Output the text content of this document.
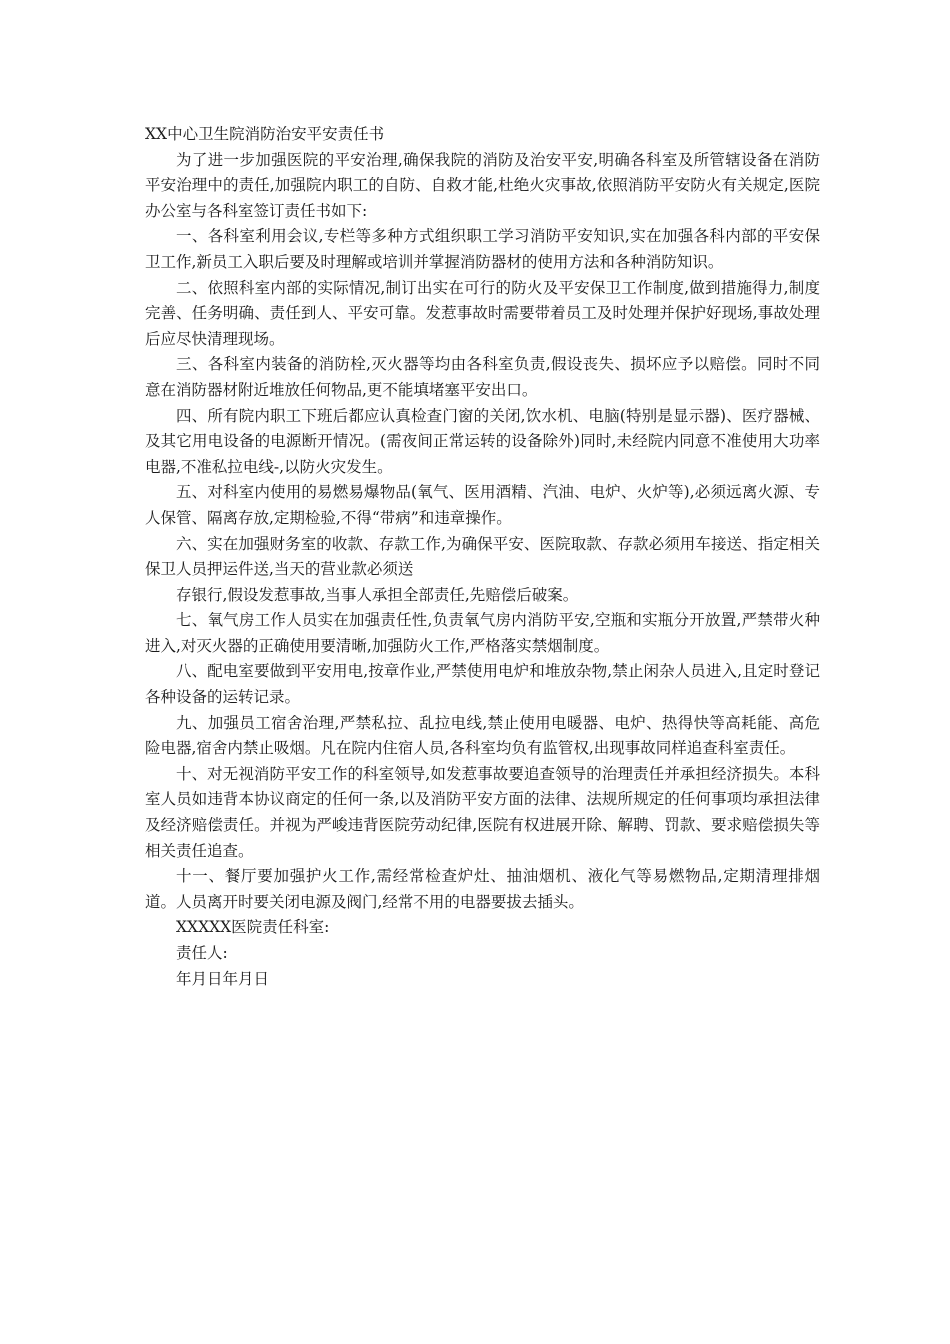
XX中心卫生院消防治安平安责任书

为了进一步加强医院的平安治理,确保我院的消防及治安平安,明确各科室及所管辖设备在消防平安治理中的责任,加强院内职工的自防、自救才能,杜绝火灾事故,依照消防平安防火有关规定,医院办公室与各科室签订责任书如下:

一、各科室利用会议,专栏等多种方式组织职工学习消防平安知识,实在加强各科内部的平安保卫工作,新员工入职后要及时理解或培训并掌握消防器材的使用方法和各种消防知识。

二、依照科室内部的实际情况,制订出实在可行的防火及平安保卫工作制度,做到措施得力,制度完善、任务明确、责任到人、平安可靠。发惹事故时需要带着员工及时处理并保护好现场,事故处理后应尽快清理现场。

三、各科室内装备的消防栓,灭火器等均由各科室负责,假设丧失、损坏应予以赔偿。同时不同意在消防器材附近堆放任何物品,更不能填堵塞平安出口。

四、所有院内职工下班后都应认真检查门窗的关闭,饮水机、电脑(特别是显示器)、医疗器械、及其它用电设备的电源断开情况。(需夜间正常运转的设备除外)同时,未经院内同意不准使用大功率电器,不准私拉电线-,以防火灾发生。

五、对科室内使用的易燃易爆物品(氧气、医用酒精、汽油、电炉、火炉等),必须远离火源、专人保管、隔离存放,定期检验,不得“带病”和违章操作。

六、实在加强财务室的收款、存款工作,为确保平安、医院取款、存款必须用车接送、指定相关保卫人员押运件送,当天的营业款必须送

存银行,假设发惹事故,当事人承担全部责任,先赔偿后破案。

七、氧气房工作人员实在加强责任性,负责氧气房内消防平安,空瓶和实瓶分开放置,严禁带火种进入,对灭火器的正确使用要清晰,加强防火工作,严格落实禁烟制度。

八、配电室要做到平安用电,按章作业,严禁使用电炉和堆放杂物,禁止闲杂人员进入,且定时登记各种设备的运转记录。

九、加强员工宿舍治理,严禁私拉、乱拉电线,禁止使用电暖器、电炉、热得快等高耗能、高危险电器,宿舍内禁止吸烟。凡在院内住宿人员,各科室均负有监管权,出现事故同样追查科室责任。

十、对无视消防平安工作的科室领导,如发惹事故要追查领导的治理责任并承担经济损失。本科室人员如违背本协议商定的任何一条,以及消防平安方面的法律、法规所规定的任何事项均承担法律及经济赔偿责任。并视为严峻违背医院劳动纪律,医院有权进展开除、解聘、罚款、要求赔偿损失等相关责任追查。

十一、餐厅要加强护火工作,需经常检查炉灶、抽油烟机、液化气等易燃物品,定期清理排烟道。人员离开时要关闭电源及阀门,经常不用的电器要拔去插头。

XXXXX医院责任科室:

责任人:

年月日年月日
